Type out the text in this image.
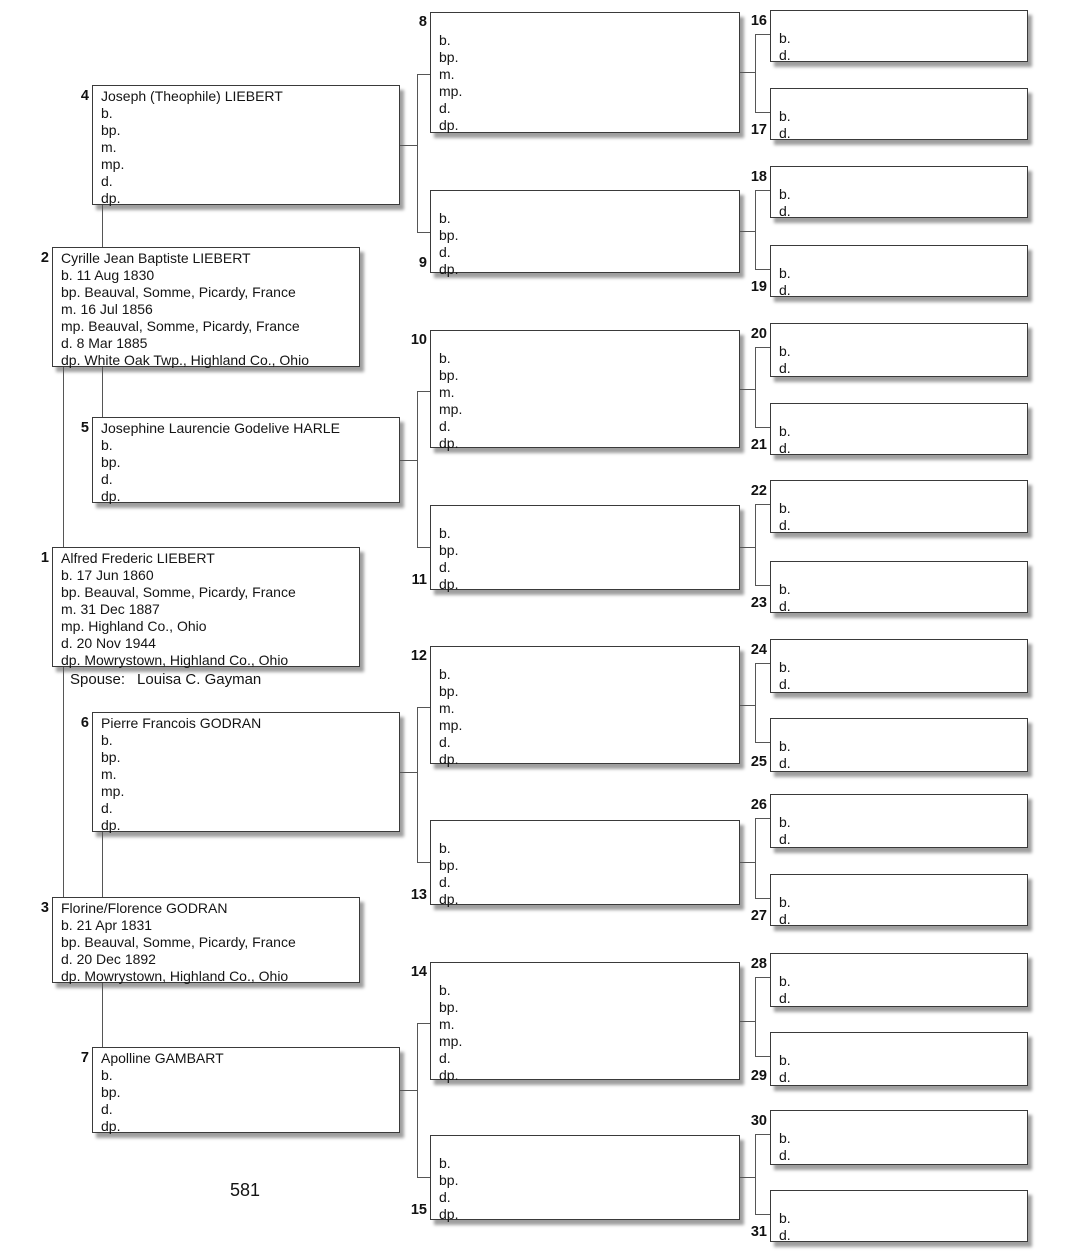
Joseph (Theophile) LIEBERT
b.
bp.
m.
mp.
d.
dp.
4
Cyrille Jean Baptiste LIEBERT
b. 11 Aug 1830
bp. Beauval, Somme, Picardy, France
m. 16 Jul 1856
mp. Beauval, Somme, Picardy, France
d. 8 Mar 1885
dp. White Oak Twp., Highland Co., Ohio
2
Josephine Laurencie Godelive HARLE
b.
bp.
d.
dp.
5
Alfred Frederic LIEBERT
b. 17 Jun 1860
bp. Beauval, Somme, Picardy, France
m. 31 Dec 1887
mp. Highland Co., Ohio
d. 20 Nov 1944
dp. Mowrystown, Highland Co., Ohio
1
Spouse: Louisa C. Gayman
Pierre Francois GODRAN
b.
bp.
m.
mp.
d.
dp.
6
Florine/Florence GODRAN
b. 21 Apr 1831
bp. Beauval, Somme, Picardy, France
d. 20 Dec 1892
dp. Mowrystown, Highland Co., Ohio
3
Apolline GAMBART
b.
bp.
d.
dp.
7
581
b.
bp.
m.
mp.
d.
dp.
8
b.
bp.
d.
dp.
9
b.
bp.
m.
mp.
d.
dp.
10
b.
bp.
d.
dp.
11
b.
bp.
m.
mp.
d.
dp.
12
b.
bp.
d.
dp.
13
b.
bp.
m.
mp.
d.
dp.
14
b.
bp.
d.
dp.
15
b.
d.
16
b.
d.
17
b.
d.
18
b.
d.
19
b.
d.
20
b.
d.
21
b.
d.
22
b.
d.
23
b.
d.
24
b.
d.
25
b.
d.
26
b.
d.
27
b.
d.
28
b.
d.
29
b.
d.
30
b.
d.
31
